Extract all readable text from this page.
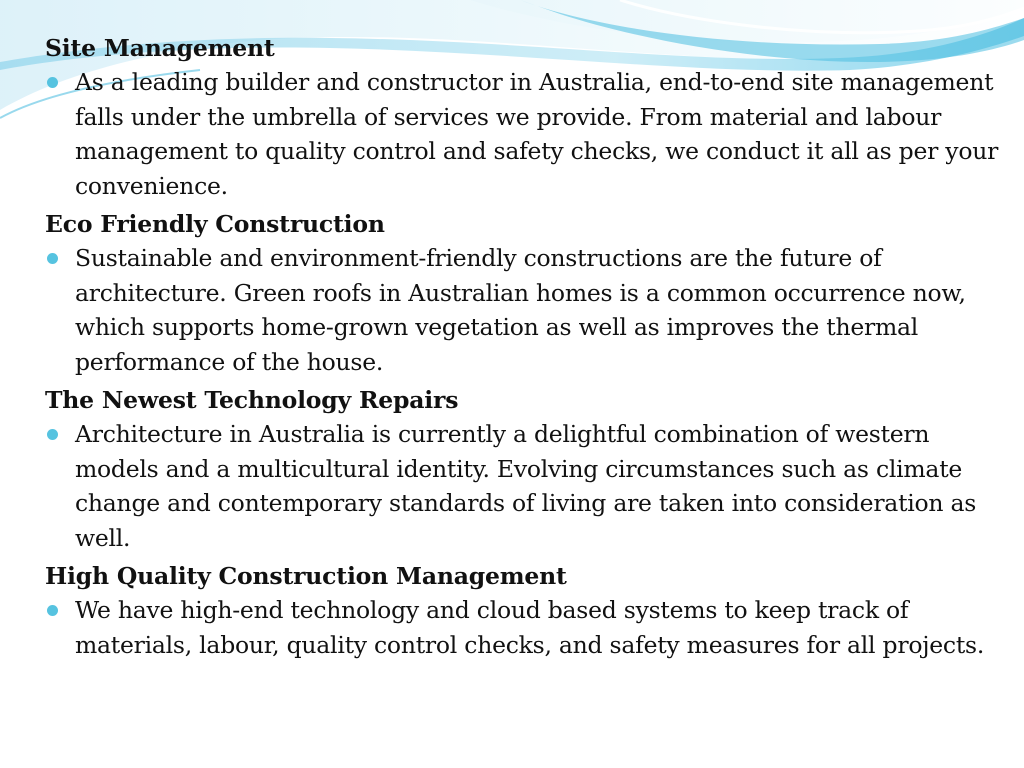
Site Management
As a leading builder and constructor in Australia, end-to-end site management falls under the umbrella of services we provide. From material and labour management to quality control and safety checks, we conduct it all as per your convenience.
Eco Friendly Construction
Sustainable and environment-friendly constructions are the future of architecture. Green roofs in Australian homes is a common occurrence now, which supports home-grown vegetation as well as improves the thermal performance of the house.
The Newest Technology Repairs
Architecture in Australia is currently a delightful combination of western models and a multicultural identity. Evolving circumstances such as climate change and contemporary standards of living are taken into consideration as well.
High Quality Construction Management
We have high-end technology and cloud based systems to keep track of materials, labour, quality control checks, and safety measures for all projects.
